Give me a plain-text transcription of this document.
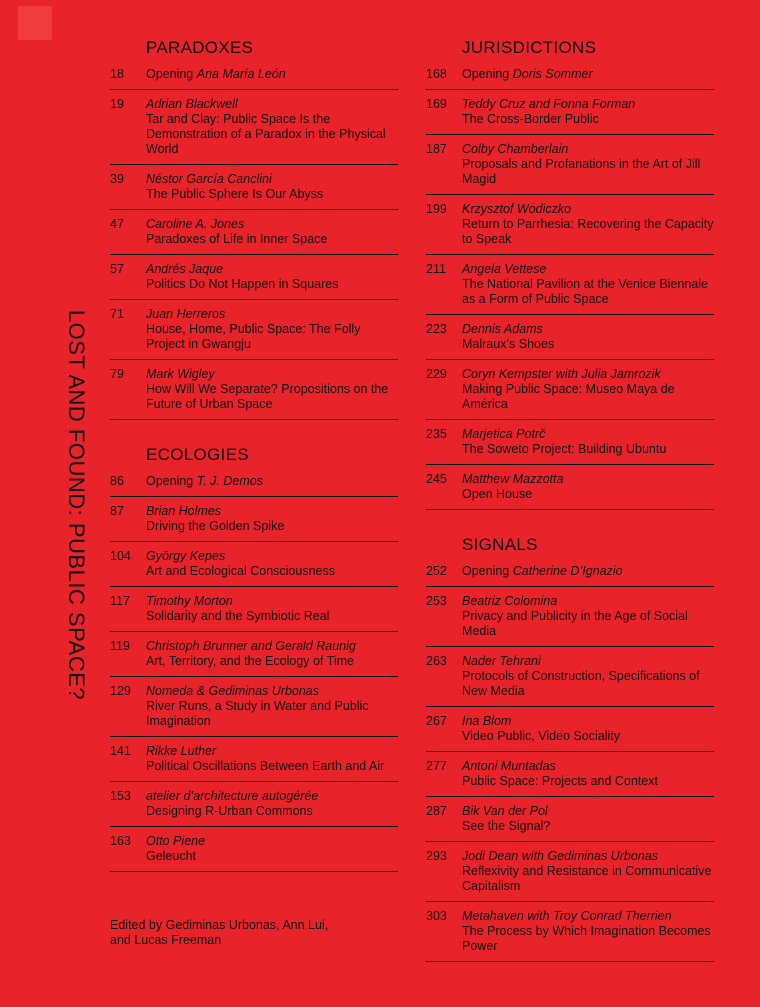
LOST AND FOUND: PUBLIC SPACE?
PARADOXES
18	Opening Ana María León
19	Adrian Blackwell
Tar and Clay: Public Space Is the Demonstration of a Paradox in the Physical World
39	Néstor García Canclini
The Public Sphere Is Our Abyss
47	Caroline A. Jones
Paradoxes of Life in Inner Space
57	Andrés Jaque
Politics Do Not Happen in Squares
71	Juan Herreros
House, Home, Public Space: The Folly Project in Gwangju
79	Mark Wigley
How Will We Separate? Propositions on the Future of Urban Space
ECOLOGIES
86	Opening T. J. Demos
87	Brian Holmes
Driving the Golden Spike
104	György Kepes
Art and Ecological Consciousness
117	Timothy Morton
Solidarity and the Symbiotic Real
119	Christoph Brunner and Gerald Raunig
Art, Territory, and the Ecology of Time
129	Nomeda & Gediminas Urbonas
River Runs, a Study in Water and Public Imagination
141	Rikke Luther
Political Oscillations Between Earth and Air
153	atelier d’architecture autogérée
Designing R-Urban Commons
163	Otto Piene
Geleucht
JURISDICTIONS
168	Opening Doris Sommer
169	Teddy Cruz and Fonna Forman
The Cross-Border Public
187	Colby Chamberlain
Proposals and Profanations in the Art of Jill Magid
199	Krzysztof Wodiczko
Return to Parrhesia: Recovering the Capacity to Speak
211	Angela Vettese
The National Pavilion at the Venice Biennale as a Form of Public Space
223	Dennis Adams
Malraux’s Shoes
229	Coryn Kempster with Julia Jamrozik
Making Public Space: Museo Maya de América
235	Marjetica Potrč
The Soweto Project: Building Ubuntu
245	Matthew Mazzotta
Open House
SIGNALS
252	Opening Catherine D’Ignazio
253	Beatriz Colomina
Privacy and Publicity in the Age of Social Media
263	Nader Tehrani
Protocols of Construction, Specifications of New Media
267	Ina Blom
Video Public, Video Sociality
277	Antoni Muntadas
Public Space: Projects and Context
287	Bik Van der Pol
See the Signal?
293	Jodi Dean with Gediminas Urbonas
Reflexivity and Resistance in Communicative Capitalism
303	Metahaven with Troy Conrad Therrien
The Process by Which Imagination Becomes Power
Edited by Gediminas Urbonas, Ann Lui, and Lucas Freeman
